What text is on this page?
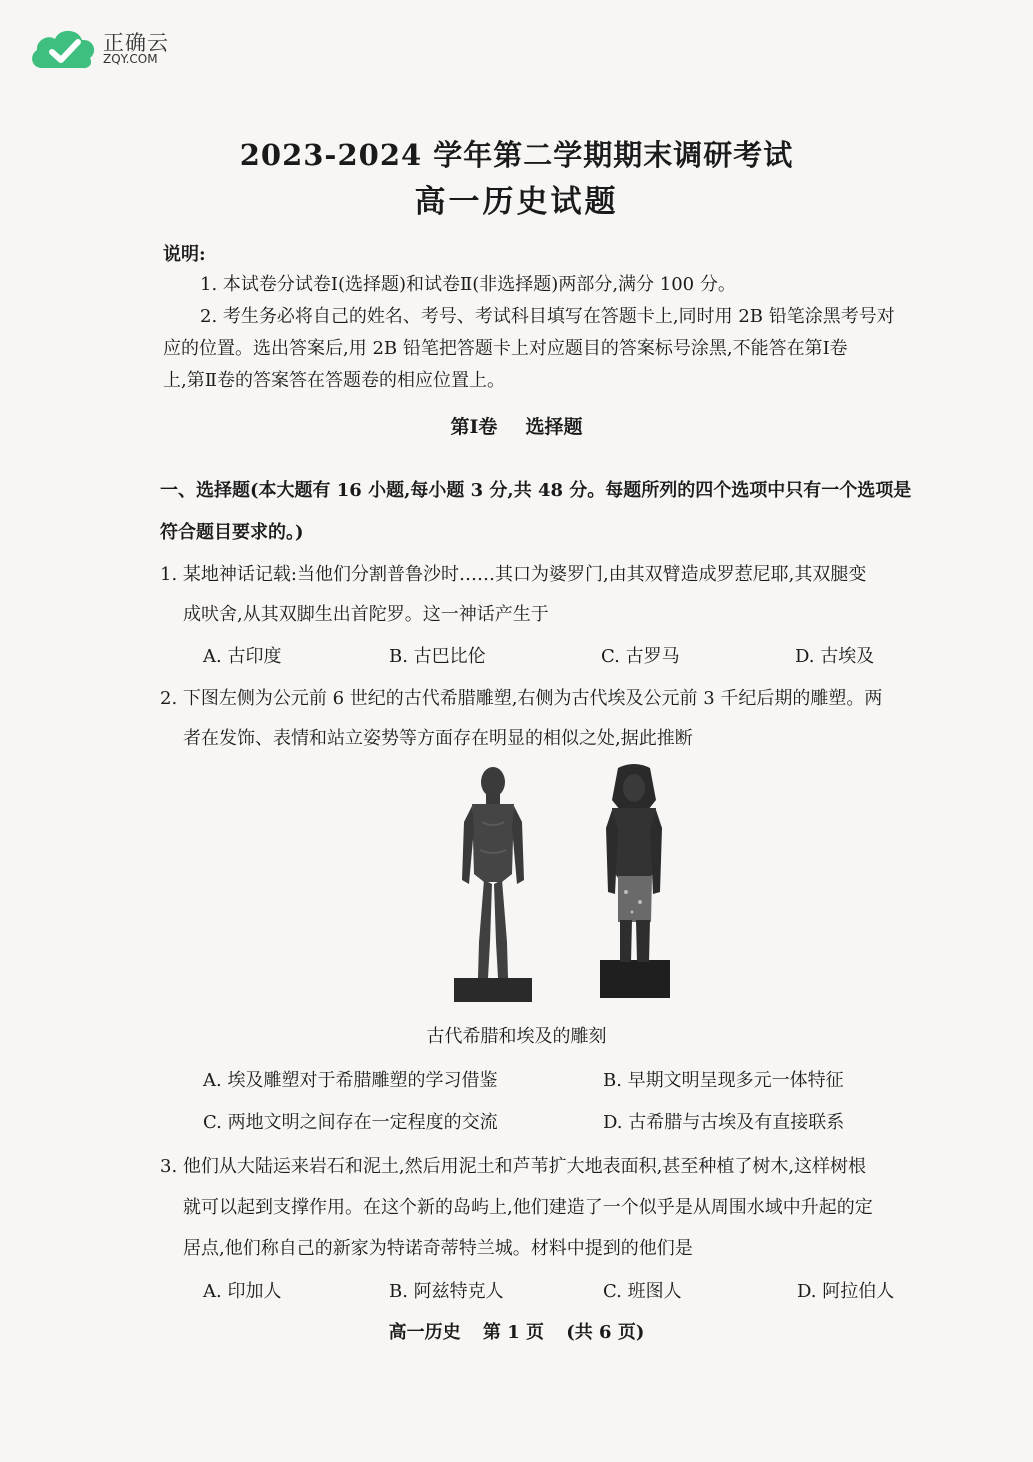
正确云
ZQY.COM
2023-2024 学年第二学期期末调研考试
高一历史试题
说明:
1. 本试卷分试卷Ⅰ(选择题)和试卷Ⅱ(非选择题)两部分,满分 100 分。
2. 考生务必将自己的姓名、考号、考试科目填写在答题卡上,同时用 2B 铅笔涂黑考号对
应的位置。选出答案后,用 2B 铅笔把答题卡上对应题目的答案标号涂黑,不能答在第Ⅰ卷
上,第Ⅱ卷的答案答在答题卷的相应位置上。
第Ⅰ卷 选择题
一、选择题(本大题有 16 小题,每小题 3 分,共 48 分。每题所列的四个选项中只有一个选项是
符合题目要求的。)
1. 某地神话记载:当他们分割普鲁沙时……其口为婆罗门,由其双臂造成罗惹尼耶,其双腿变
成吠舍,从其双脚生出首陀罗。这一神话产生于
A. 古印度	B. 古巴比伦	C. 古罗马	D. 古埃及
2. 下图左侧为公元前 6 世纪的古代希腊雕塑,右侧为古代埃及公元前 3 千纪后期的雕塑。两
者在发饰、表情和站立姿势等方面存在明显的相似之处,据此推断
古代希腊和埃及的雕刻
A. 埃及雕塑对于希腊雕塑的学习借鉴	B. 早期文明呈现多元一体特征
C. 两地文明之间存在一定程度的交流	D. 古希腊与古埃及有直接联系
3. 他们从大陆运来岩石和泥土,然后用泥土和芦苇扩大地表面积,甚至种植了树木,这样树根
就可以起到支撑作用。在这个新的岛屿上,他们建造了一个似乎是从周围水域中升起的定
居点,他们称自己的新家为特诺奇蒂特兰城。材料中提到的他们是
A. 印加人	B. 阿兹特克人	C. 班图人	D. 阿拉伯人
高一历史 第 1 页 (共 6 页)
